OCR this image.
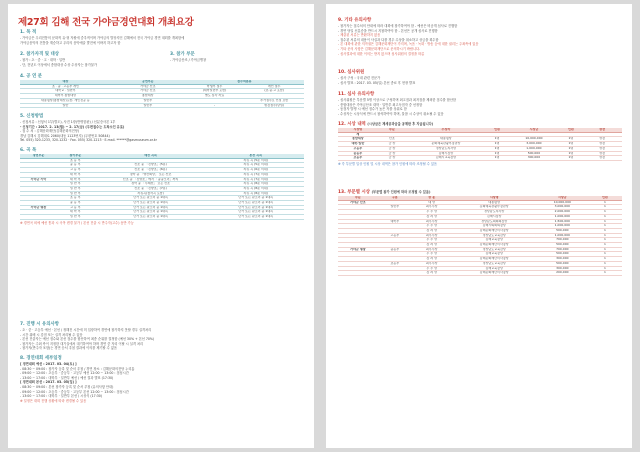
제27회 김해 전국 가야금경연대회 개최요강
1. 목 적
- 가야금은 우리전통의 문화적 유·형 자원에 중추적이며 가야금의 발상지인 김해에서 전국 가야금 경연 대회를 개최함에
가야금음악의 전통을 계승하고 우리의 음악예술 발전에 이바지 하고자 함
2. 참가자격 및 대상
- 참가 : 초 · 중 · 고 · 대학 · 일반
- 단, 전년도 이상에서 종합대상 수상 수상자는 참가불가
3. 참가 부문
- 가야금산조 / 가야금병창
4. 공 연 분
대상	공연부문	접수처분류	
초 · 중 · 고등부 개인	가야금 산조	학생부 접수	개인 접수
대학교 · 일반부	가야금 산조	(대학일반부 포함)	(초·중·고 포함)
대학부 종합대상	종합대상	별도 심사 자료	
대통령상(종합대상)포함, 개인전공 등	일반부		추가접수로 인정 요함
일반	일반부	-	현장접수(당일)
5. 신청방법
- 신청서류 : 신청서 1부(별도), 사진 1장(반명함판) / 신분증사본 1부
- 신청기간 : 2017. 2. 13(월) ~ 2. 17(금) (우편접수는 도착소인 유효)
- 접 수 처 : 김해문화재단(김해문화의전당)
경남 김해시 김해대로 2060(내동 1123번지) (우편번호 50844)
Tel. 055) 320-1233, 320-1232 · Fax. 055) 320-1213 · E-mail. ******@gasmuseum.or.kr
6. 곡 목
경연부문	참가부문	예선 곡목	본선 곡목
	초 등 부		자유 곡 (5분 이내)
	중 등 부	산조 중 「진양조」(5분)	자유 곡 (5분 이내)
	고 등 부	산조 중 「진양조」(6분)	자유 곡 (6분 이내)
	대 학 부	정악 중 「영산회상」 또는 산조	자유 곡 (7분 이내)
가야금 기악	대 학 부	산조 중 「진양조」에서 「중중모리」까지	자유 곡 (7분 이내)
	일 반 부	정악 중 「수제천」 또는 산조	자유 곡 (8분 이내)
	일 반 부	산조 중 「진양조」(7분)	자유 곡 (8분 이내)
	일 반 부	자유곡(창작곡 포함)	자유 곡 (8분 이내)
	초 등 부	단가 또는 판소리 중 1대목	단가 또는 판소리 중 1대목
	중 등 부	단가 또는 판소리 중 1대목	단가 또는 판소리 중 1대목
가야금 병창	고 등 부	단가 또는 판소리 중 1대목	단가 또는 판소리 중 1대목
	대 학 부	단가 또는 판소리 중 1대목	단가 또는 판소리 중 1대목
	일 반 부	단가 또는 판소리 중 1대목	단가 또는 판소리 중 1대목
※ 경연곡 외에 예선 통과 시 곡목 변경 불가 / 본선 진출 시 반주자(고수) 동반 가능
7. 진행 시 유의사항
- 초 · 중 · 고등부 예선 · 본선 / 정해진 시간에 미 입장하여 경연에 참가하지 못할 경우 실격처리
- 시간 위배 시 감점 또는 실격 처리될 수 있음
- 본선 진출자는 예선 점수와 본선 점수를 합산하여 최종 순위를 결정함 (예선 30% + 본선 70%)
- 참가자는 주최 측이 지정한 대기실에서 대기하여야 하며 경연 중 자리 이탈 시 실격 처리
- 참가자(반주자 포함)는 경연 순서 추첨 결과에 이의를 제기할 수 없음
8. 경연대회 세부일정
[ 경연대회 예선 : 2017. 03. 04(토) ]
- 08:30 ~ 09:00 : 참가자 등록 및 순서 추첨 / 경연 장소 : 김해문화의전당 누리홀
- 09:00 ~ 12:00 : 초등부 · 중등부 · 고등부 예선 12:00 ~ 13:00 : 점심시간
- 13:00 ~ 17:00 : 대학부 · 일반부 예선 / 예선 결과 발표 (17:30)
[ 경연대회 본선 : 2017. 03. 05(일) ]
- 08:30 ~ 09:00 : 본선 참가자 등록 및 순서 추첨 (유의사항 안내)
- 09:00 ~ 12:00 : 초등부 · 중등부 · 고등부 본선 12:00 ~ 13:00 : 점심시간
- 13:00 ~ 17:00 : 대학부 · 일반부 본선 / 시상식 (17:30)
※ 일정은 대회 진행 상황에 따라 변경될 수 있음
9. 기타 유의사항
- 참가자는 접수처의 안내에 따라 대회에 참가하여야 함 - 예선은 비공개 심사로 진행함
- 경연 당일 신분증을 반드시 지참하여야 함 - 본선은 공개 심사로 진행함
- 제출된 서류는 반환하지 않음
- 접수된 서류의 내용이 사실과 다를 경우 수상을 취소하고 상금을 회수함
- 본 대회에 관한 저작권은 김해문화재단이 가지며, 녹음 · 녹화 · 방송 등에 대한 권리는 주최측에 있음
- 기타 문의 사항은 김해문화재단으로 문의하시기 바랍니다.
- 심사결과에 대한 이의는 받지 않으며 심사위원의 결정을 따름
10. 심사위원
- 심사 구성 : 국내 관련 전문가
- 심사 발표 : 2017. 03. 05(일) 본선 종료 후 현장 발표
11. 심사 유의사항
- 심사위원은 부문별 5명 이상으로 구성하며 최고점과 최저점을 제외한 점수를 합산함
- 종합대상은 가야금산조 대학 · 일반부 최고득점자 중 선정함
- 동점자 발생 시 예선 점수가 높은 자를 상위로 함
- 수상자는 시상식에 반드시 참석하여야 하며, 불참 시 수상이 취소될 수 있음
12. 시상 내역 (시상금은 제세공과금을 공제한 후 지급됩니다)
시상명	부문	수상자	인원	시상금	인원	상장
계						
종합대상	산조	대통령상	1명	10,000,000	1명	상장
대학·일반	금 상	문화체육관광부장관상	1명	3,000,000	1명	상장
고등부	금 상	경상남도지사상	1명	1,000,000	1명	상장
중등부	금 상	김해시장상	1명	500,000	1명	상장
초등부	금 상	김해시교육장상	1명	300,000	1명	상장
※ 각 부문별 입상 인원 및 시상 내역은 참가 인원에 따라 조정될 수 있음
13. 부문별 시상 (부문별 참가 인원에 따라 조정될 수 있음)
부문	구분	상 훈	시상명	시상금	인원
가야금 산조		대 상	대통령상	10,000,000	1
	일반부	최우수상	문화체육관광부장관상	3,000,000	1
		우 수 상	경상남도지사상	2,000,000	1
		장 려 상	김해시장상	1,000,000	1
	대학부	최우수상	경상남도의회의장상	1,500,000	1
		우 수 상	김해시의회의장상	1,000,000	1
		장 려 상	김해문화재단이사장상	500,000	1
	고등부	최우수상	경상남도교육감상	1,000,000	1
		우 수 상	김해교육장상	700,000	1
		장 려 상	김해문화재단이사장상	500,000	1
가야금 병창	중등부	최우수상	경상남도교육감상	700,000	1
		우 수 상	김해교육장상	500,000	1
		장 려 상	김해문화재단이사장상	300,000	1
	초등부	최우수상	경상남도교육감상	500,000	1
		우 수 상	김해교육장상	300,000	1
		장 려 상	김해문화재단이사장상	200,000	1
